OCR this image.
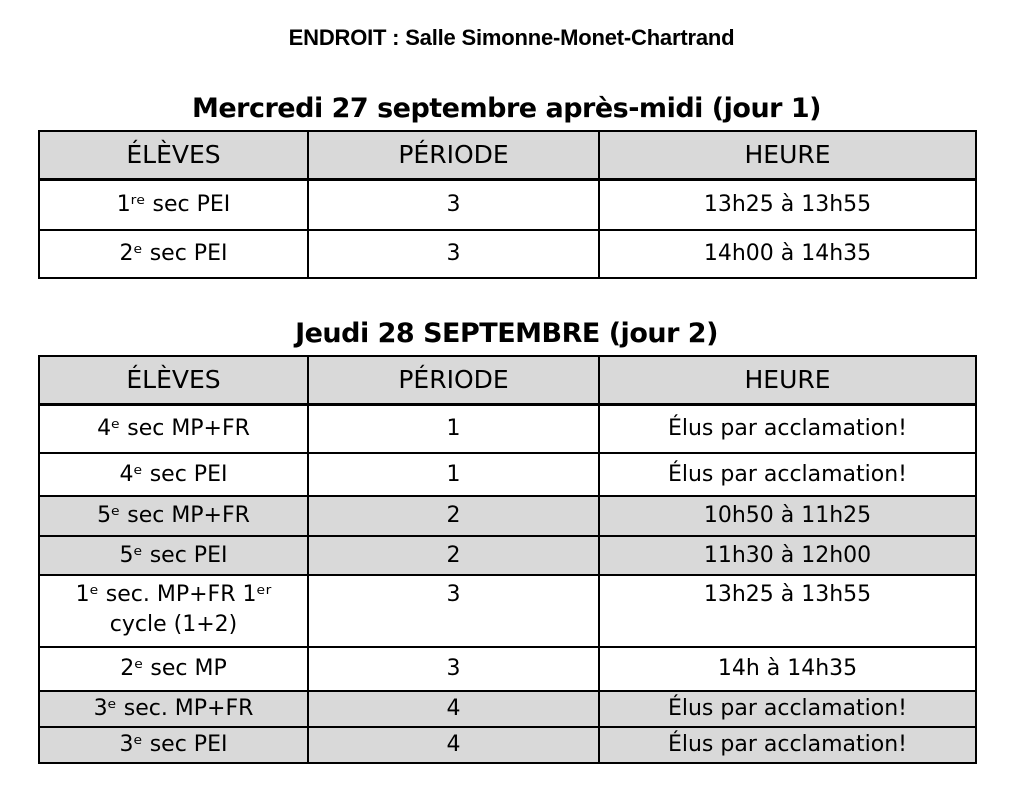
ENDROIT : Salle Simonne-Monet-Chartrand
Mercredi 27 septembre après-midi (jour 1)
ÉLÈVES	PÉRIODE	HEURE
1ʳᵉ sec PEI	3	13h25 à 13h55
2ᵉ sec PEI	3	14h00 à 14h35
Jeudi 28 SEPTEMBRE (jour 2)
ÉLÈVES	PÉRIODE	HEURE
4ᵉ sec MP+FR	1	Élus par acclamation!
4ᵉ sec PEI	1	Élus par acclamation!
5ᵉ sec MP+FR	2	10h50 à 11h25
5ᵉ sec PEI	2	11h30 à 12h00

1ᵉ sec. MP+FR 1ᵉʳ
cycle (1+2)	3	13h25 à 13h55
2ᵉ sec MP	3	14h à 14h35
3ᵉ sec. MP+FR	4	Élus par acclamation!
3ᵉ sec PEI	4	Élus par acclamation!
